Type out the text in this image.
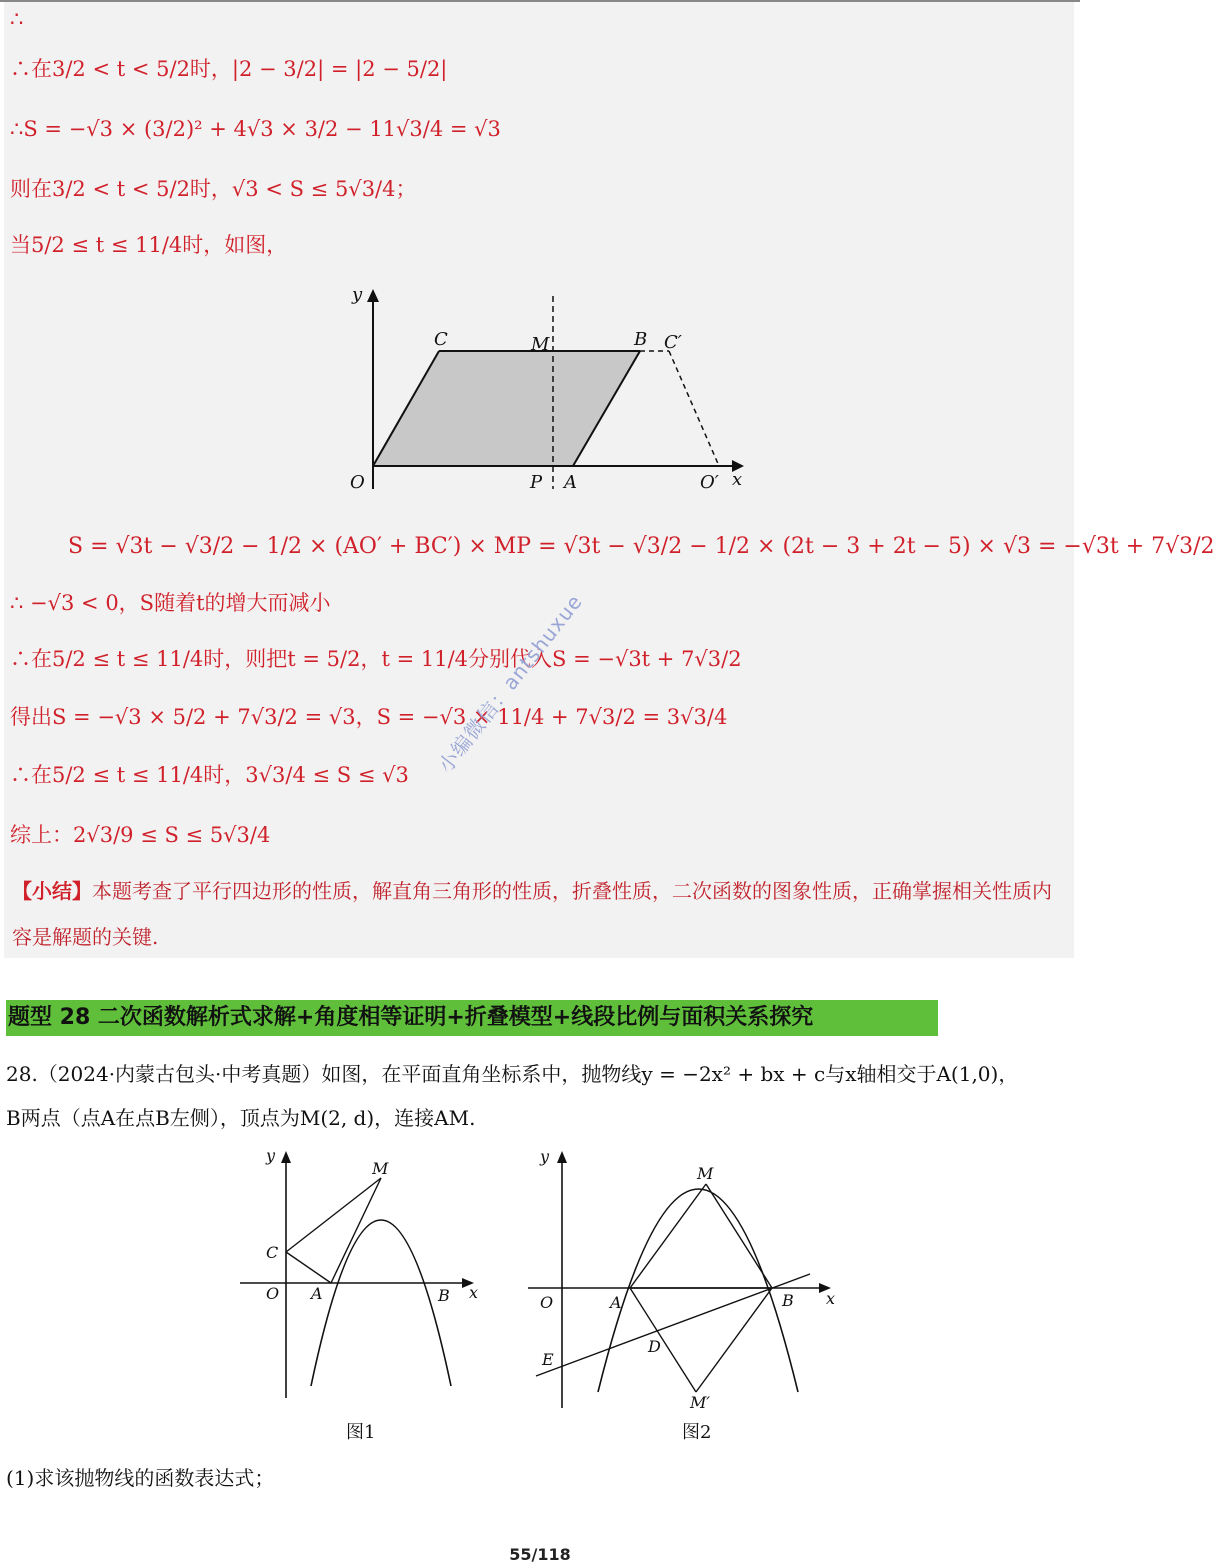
∴
∴在3/2 < t < 5/2时，|2 − 3/2| = |2 − 5/2|
∴S = −√3 × (3/2)² + 4√3 × 3/2 − 11√3/4 = √3
则在3/2 < t < 5/2时，√3 < S ≤ 5√3/4；
当5/2 ≤ t ≤ 11/4时，如图，
y
C	M	B C′
O	P A	O′ x
S = √3t − √3/2 − 1/2 × (AO′ + BC′) × MP = √3t − √3/2 − 1/2 × (2t − 3 + 2t − 5) × √3 = −√3t + 7√3/2
∴ −√3 < 0，S随着t的增大而减小
∴在5/2 ≤ t ≤ 11/4时，则把t = 5/2，t = 11/4分别代入S = −√3t + 7√3/2
得出S = −√3 × 5/2 + 7√3/2 = √3，S = −√3 × 11/4 + 7√3/2 = 3√3/4
∴在5/2 ≤ t ≤ 11/4时，3√3/4 ≤ S ≤ √3
综上：2√3/9 ≤ S ≤ 5√3/4
【小结】本题考查了平行四边形的性质，解直角三角形的性质，折叠性质，二次函数的图象性质，正确掌握相关性质内容是解题的关键.
小编微信：antshuxue
题型 28 二次函数解析式求解+角度相等证明+折叠模型+线段比例与面积关系探究
28.（2024·内蒙古包头·中考真题）如图，在平面直角坐标系中，抛物线y = −2x² + bx + c与x轴相交于A(1,0)，
B两点（点A在点B左侧），顶点为M(2, d)，连接AM.
y
M
C
O A	B x
图1
y
M
O	A	B x
D
E
M′
图2
(1)求该抛物线的函数表达式；
55/118
